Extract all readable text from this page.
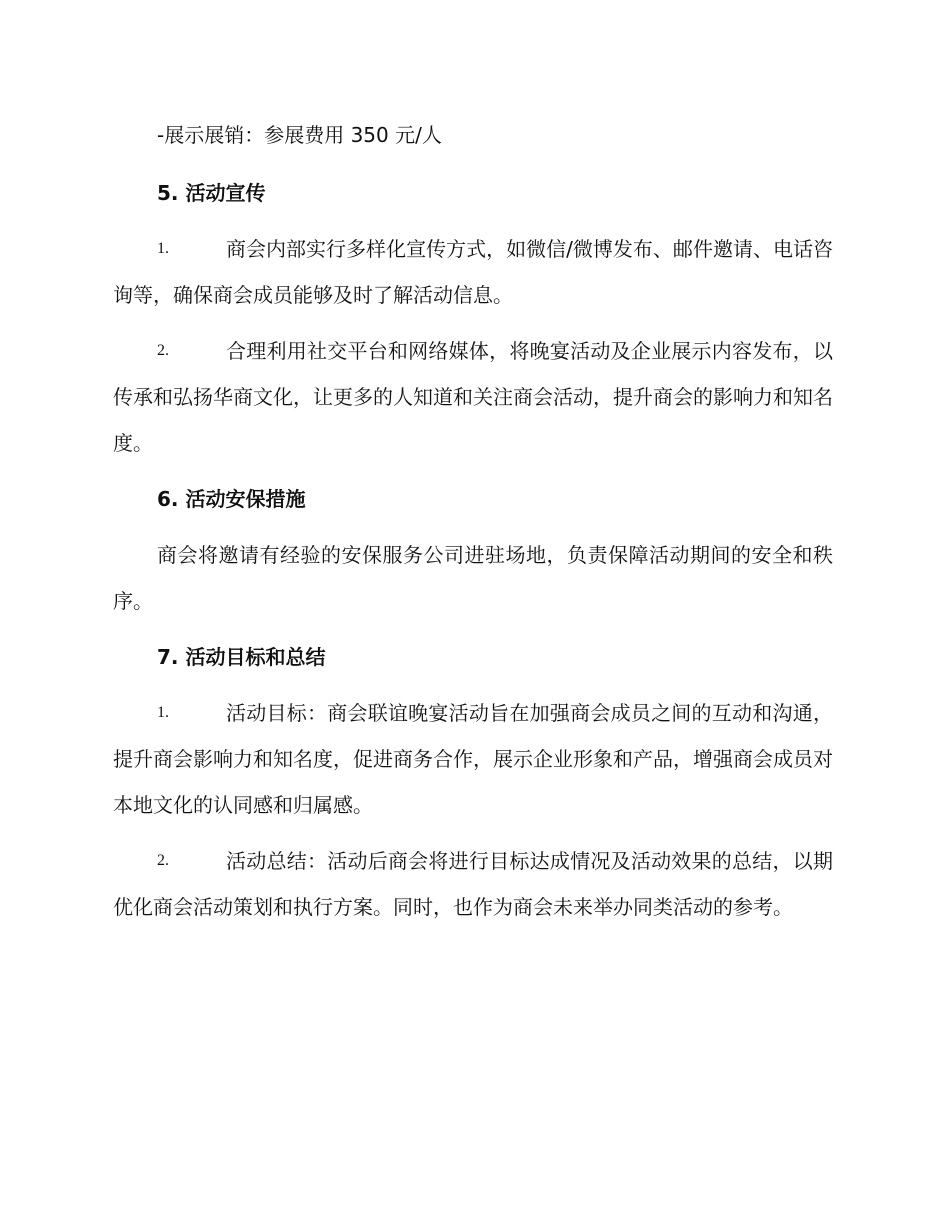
-展示展销：参展费用 350 元/人

5. 活动宣传
1.	商会内部实行多样化宣传方式，如微信/微博发布、邮件邀请、电话咨询等，确保商会成员能够及时了解活动信息。

2.	合理利用社交平台和网络媒体，将晚宴活动及企业展示内容发布，以传承和弘扬华商文化，让更多的人知道和关注商会活动，提升商会的影响力和知名度。

6. 活动安保措施

商会将邀请有经验的安保服务公司进驻场地，负责保障活动期间的安全和秩序。

7. 活动目标和总结
1.	活动目标：商会联谊晚宴活动旨在加强商会成员之间的互动和沟通，提升商会影响力和知名度，促进商务合作，展示企业形象和产品，增强商会成员对本地文化的认同感和归属感。

2.	活动总结：活动后商会将进行目标达成情况及活动效果的总结，以期优化商会活动策划和执行方案。同时，也作为商会未来举办同类活动的参考。
